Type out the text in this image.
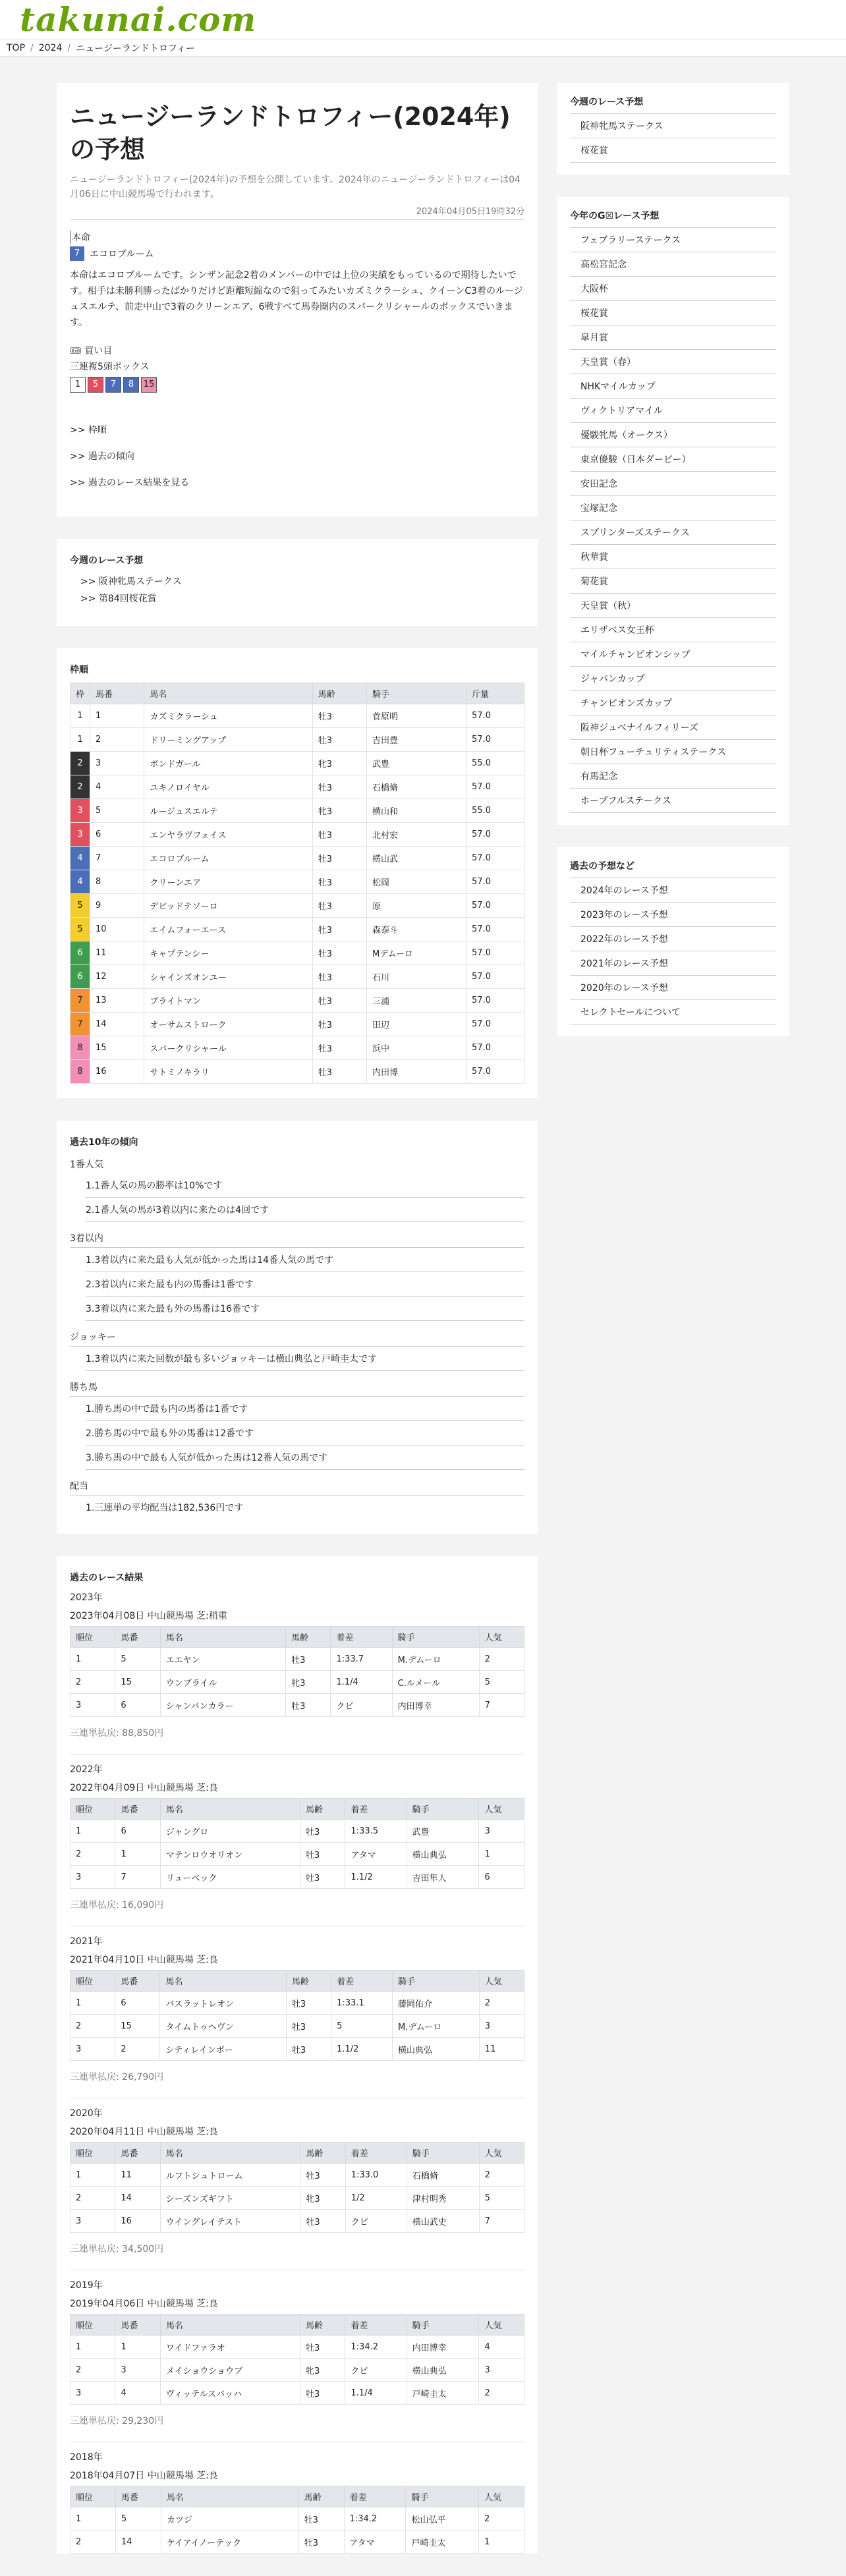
takunai.com
TOP / 2024 / ニュージーランドトロフィー
ニュージーランドトロフィー(2024年)の予想

ニュージーランドトロフィー(2024年)の予想を公開しています。2024年のニュージーランドトロフィーは04月06日に中山競馬場で行われます。

2024年04月05日19時32分
本命
7	エコロブルーム

本命はエコロブルームです。シンザン記念2着のメンバーの中では上位の実績をもっているので期待したいです。相手は未勝利勝ったばかりだけど距離短縮なので狙ってみたいカズミクラーシュ、クイーンC3着のルージュスエルテ、前走中山で3着のクリーンエア、6戦すべて馬券圏内のスパークリシャールのボックスでいきます。

🎟 買い目
三連複5頭ボックス
1	5	7	8	15
>> 枠順
>> 過去の傾向
>> 過去のレース結果を見る
今週のレース予想
>> 阪神牝馬ステークス
>> 第84回桜花賞
枠順
枠	馬番	馬名	馬齢	騎手	斤量
1	1	カズミクラーシュ	牡3	菅原明	57.0
1	2	ドリーミングアップ	牡3	吉田豊	57.0
2	3	ボンドガール	牝3	武豊	55.0
2	4	ユキノロイヤル	牡3	石橋脩	57.0
3	5	ルージュスエルテ	牝3	横山和	55.0
3	6	エンヤラヴフェイス	牡3	北村宏	57.0
4	7	エコロブルーム	牡3	横山武	57.0
4	8	クリーンエア	牡3	松岡	57.0
5	9	デビッドテソーロ	牡3	原	57.0
5	10	エイムフォーエース	牡3	森泰斗	57.0
6	11	キャプテンシー	牡3	Mデムーロ	57.0
6	12	シャインズオンユー	牡3	石川	57.0
7	13	ブライトマン	牡3	三浦	57.0
7	14	オーサムストローク	牡3	田辺	57.0
8	15	スパークリシャール	牡3	浜中	57.0
8	16	サトミノキラリ	牡3	内田博	57.0
過去10年の傾向
1番人気
1.1番人気の馬の勝率は10%です
2.1番人気の馬が3着以内に来たのは4回です
3着以内
1.3着以内に来た最も人気が低かった馬は14番人気の馬です
2.3着以内に来た最も内の馬番は1番です
3.3着以内に来た最も外の馬番は16番です
ジョッキー
1.3着以内に来た回数が最も多いジョッキーは横山典弘と戸崎圭太です
勝ち馬
1.勝ち馬の中で最も内の馬番は1番です
2.勝ち馬の中で最も外の馬番は12番です
3.勝ち馬の中で最も人気が低かった馬は12番人気の馬です
配当
1.三連単の平均配当は182,536円です
過去のレース結果
2023年
2023年04月08日 中山競馬場 芝:稍重
順位	馬番	馬名	馬齢	着差	騎手	人気
1	5	エエヤン	牡3	1:33.7	M.デムーロ	2
2	15	ウンブライル	牝3	1.1/4	C.ルメール	5
3	6	シャンパンカラー	牡3	クビ	内田博幸	7
三連単払戻: 88,850円
2022年
2022年04月09日 中山競馬場 芝:良
順位	馬番	馬名	馬齢	着差	騎手	人気
1	6	ジャングロ	牡3	1:33.5	武豊	3
2	1	マテンロウオリオン	牡3	アタマ	横山典弘	1
3	7	リューベック	牡3	1.1/2	吉田隼人	6
三連単払戻: 16,090円
2021年
2021年04月10日 中山競馬場 芝:良
順位	馬番	馬名	馬齢	着差	騎手	人気
1	6	バスラットレオン	牡3	1:33.1	藤岡佑介	2
2	15	タイムトゥヘヴン	牡3	5	M.デムーロ	3
3	2	シティレインボー	牡3	1.1/2	横山典弘	11
三連単払戻: 26,790円
2020年
2020年04月11日 中山競馬場 芝:良
順位	馬番	馬名	馬齢	着差	騎手	人気
1	11	ルフトシュトローム	牡3	1:33.0	石橋脩	2
2	14	シーズンズギフト	牝3	1/2	津村明秀	5
3	16	ウイングレイテスト	牡3	クビ	横山武史	7
三連単払戻: 34,500円
2019年
2019年04月06日 中山競馬場 芝:良
順位	馬番	馬名	馬齢	着差	騎手	人気
1	1	ワイドファラオ	牡3	1:34.2	内田博幸	4
2	3	メイショウショウブ	牝3	クビ	横山典弘	3
3	4	ヴィッテルスバッハ	牡3	1.1/4	戸崎圭太	2
三連単払戻: 29,230円
2018年
2018年04月07日 中山競馬場 芝:良
順位	馬番	馬名	馬齢	着差	騎手	人気
1	5	カツジ	牡3	1:34.2	松山弘平	2
2	14	ケイアイノーテック	牡3	アタマ	戸崎圭太	1
今週のレース予想
阪神牝馬ステークス
桜花賞
今年のG☒レース予想
フェブラリーステークス
高松宮記念
大阪杯
桜花賞
皐月賞
天皇賞（春）
NHKマイルカップ
ヴィクトリアマイル
優駿牝馬（オークス）
東京優駿（日本ダービー）
安田記念
宝塚記念
スプリンターズステークス
秋華賞
菊花賞
天皇賞（秋）
エリザベス女王杯
マイルチャンピオンシップ
ジャパンカップ
チャンピオンズカップ
阪神ジュベナイルフィリーズ
朝日杯フューチュリティステークス
有馬記念
ホープフルステークス
過去の予想など
2024年のレース予想
2023年のレース予想
2022年のレース予想
2021年のレース予想
2020年のレース予想
セレクトセールについて
